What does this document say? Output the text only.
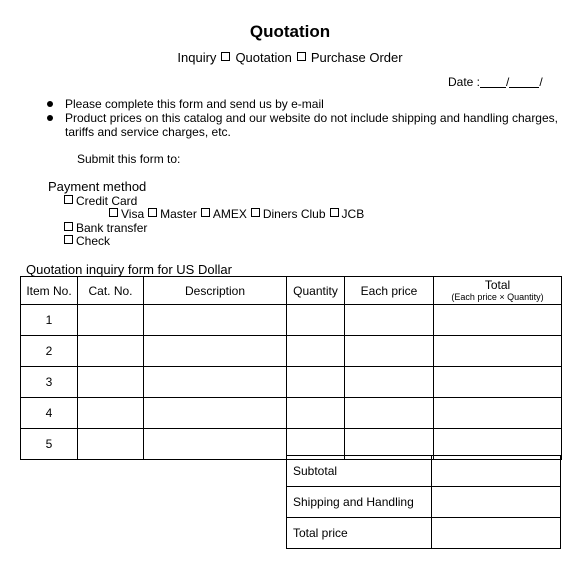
Quotation
Inquiry Quotation Purchase Order
Date : /	/
Please complete this form and send us by e-mail
Product prices on this catalog and our website do not include shipping and handling charges, tariffs and service charges, etc.
Submit this form to:
Payment method
Credit Card
Visa Master AMEX Diners Club JCB
Bank transfer
Check
Quotation inquiry form for US Dollar
Item No.	Cat. No.	Description	Quantity	Each price	Total
(Each price × Quantity)

1					
2					
3					
4					
5					
Subtotal	
Shipping and Handling	
Total price	
